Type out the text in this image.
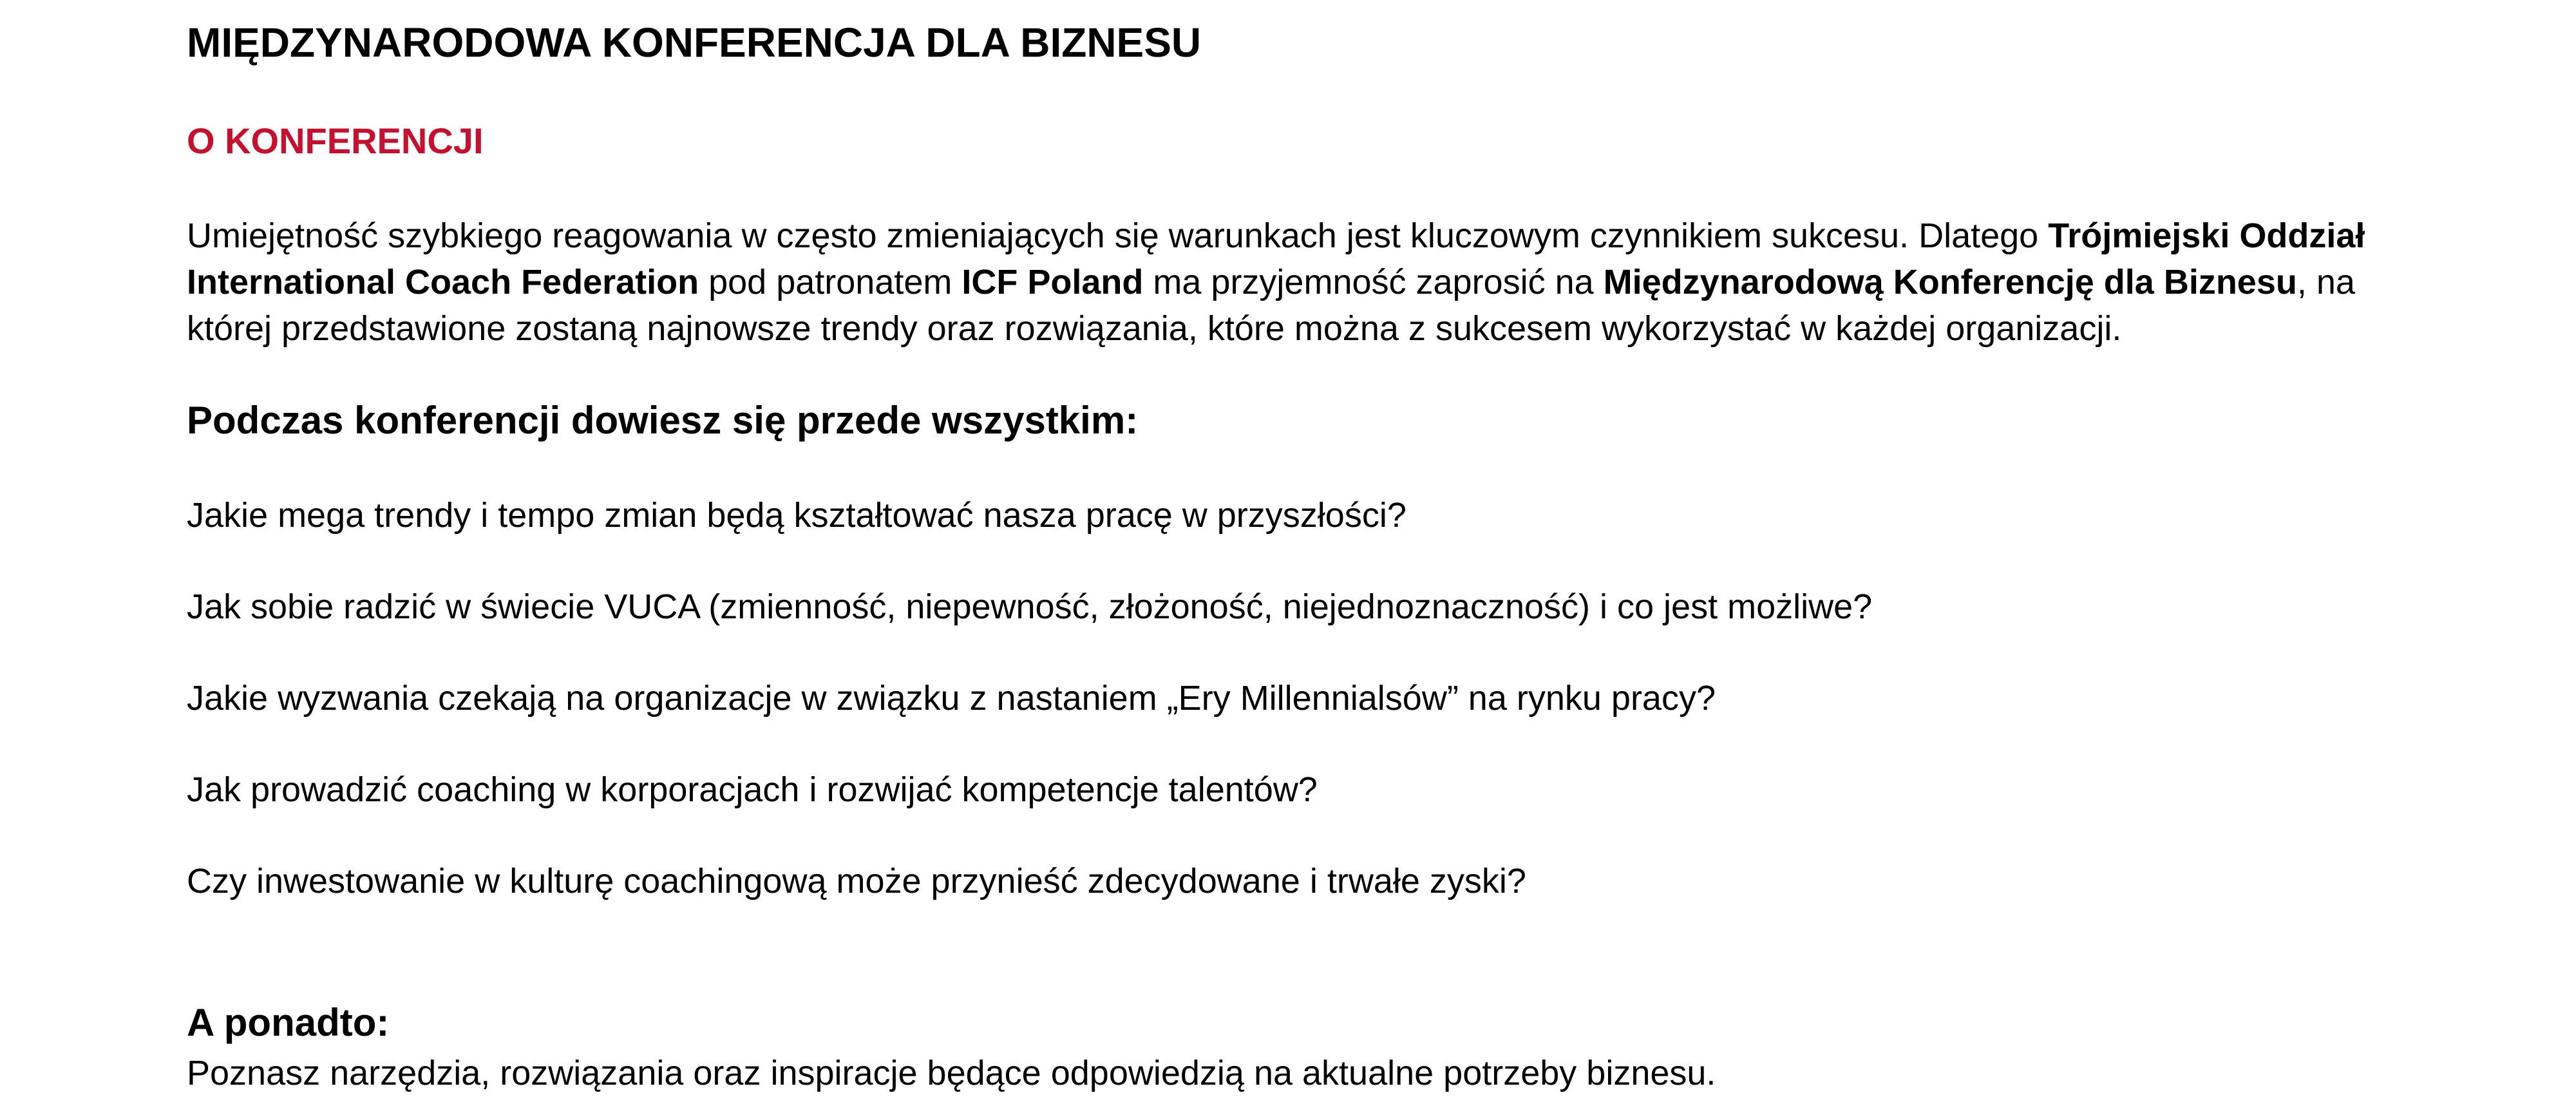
MIĘDZYNARODOWA KONFERENCJA DLA BIZNESU
O KONFERENCJI

Umiejętność szybkiego reagowania w często zmieniających się warunkach jest kluczowym czynnikiem sukcesu. Dlatego Trójmiejski Oddział International Coach Federation pod patronatem ICF Poland ma przyjemność zaprosić na Międzynarodową Konferencję dla Biznesu, na której przedstawione zostaną najnowsze trendy oraz rozwiązania, które można z sukcesem wykorzystać w każdej organizacji.

Podczas konferencji dowiesz się przede wszystkim:

Jakie mega trendy i tempo zmian będą kształtować nasza pracę w przyszłości?

Jak sobie radzić w świecie VUCA (zmienność, niepewność, złożoność, niejednoznaczność) i co jest możliwe?

Jakie wyzwania czekają na organizacje w związku z nastaniem „Ery Millennialsów” na rynku pracy?

Jak prowadzić coaching w korporacjach i rozwijać kompetencje talentów?

Czy inwestowanie w kulturę coachingową może przynieść zdecydowane i trwałe zyski?

A ponadto:

Poznasz narzędzia, rozwiązania oraz inspiracje będące odpowiedzią na aktualne potrzeby biznesu.
